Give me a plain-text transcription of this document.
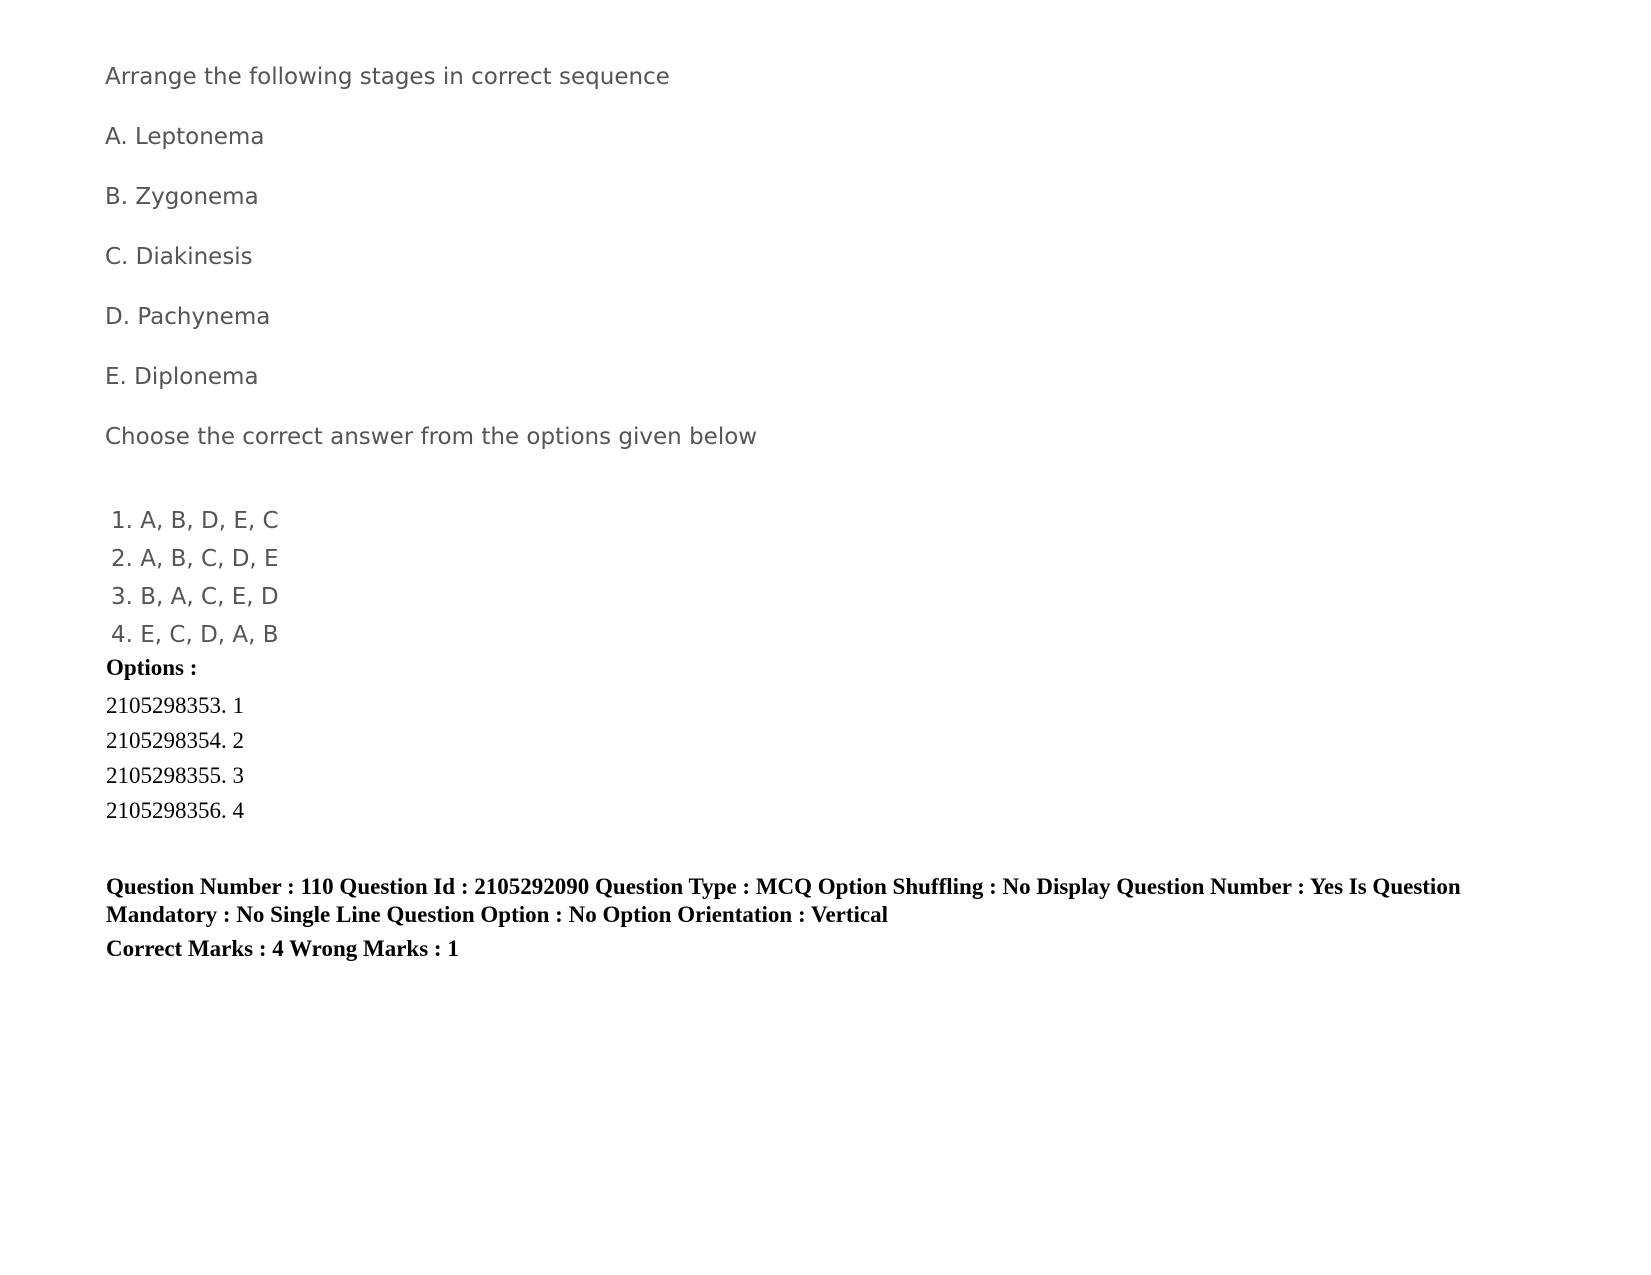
Arrange the following stages in correct sequence
A. Leptonema
B. Zygonema
C. Diakinesis
D. Pachynema
E. Diplonema
Choose the correct answer from the options given below
1. A, B, D, E, C
2. A, B, C, D, E
3. B, A, C, E, D
4. E, C, D, A, B
Options :
2105298353. 1
2105298354. 2
2105298355. 3
2105298356. 4
Question Number : 110 Question Id : 2105292090 Question Type : MCQ Option Shuffling : No Display Question Number : Yes Is Question Mandatory : No Single Line Question Option : No Option Orientation : Vertical
Correct Marks : 4 Wrong Marks : 1
